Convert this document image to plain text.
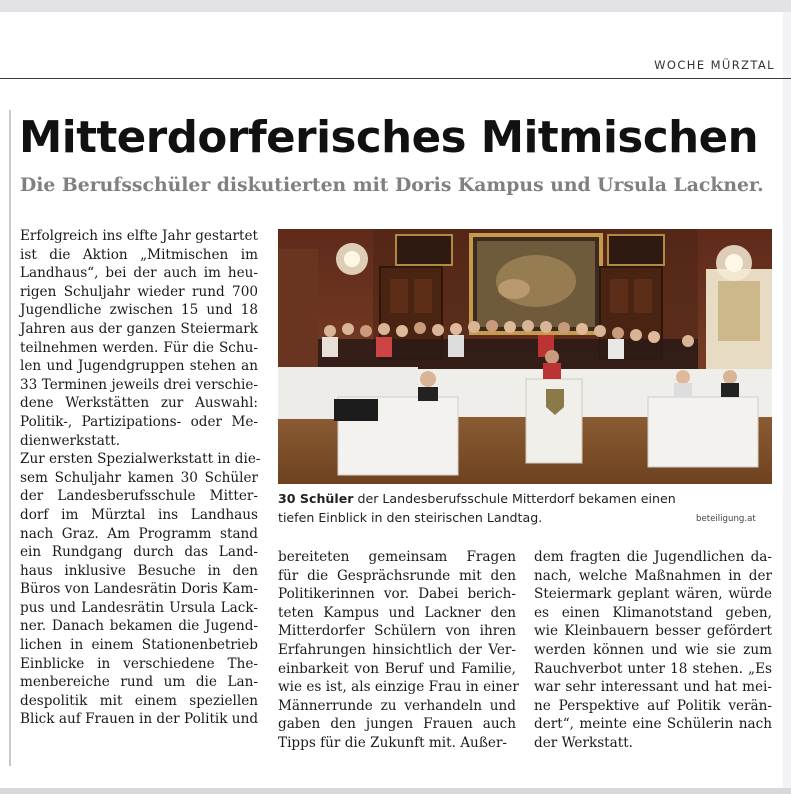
WOCHE MÜRZTAL
Mitterdorferisches Mitmischen
Die Berufsschüler diskutierten mit Doris Kampus und Ursula Lackner.
Erfolgreich ins elfte Jahr gestartet
ist die Aktion „Mitmischen im
Landhaus“, bei der auch im heu-
rigen Schuljahr wieder rund 700
Jugendliche zwischen 15 und 18
Jahren aus der ganzen Steiermark
teilnehmen werden. Für die Schu-
len und Jugendgruppen stehen an
33 Terminen jeweils drei verschie-
dene Werkstätten zur Auswahl:
Politik-, Partizipations- oder Me-
dienwerkstatt.
Zur ersten Spezialwerkstatt in die-
sem Schuljahr kamen 30 Schüler
der Landesberufsschule Mitter-
dorf im Mürztal ins Landhaus
nach Graz. Am Programm stand
ein Rundgang durch das Land-
haus inklusive Besuche in den
Büros von Landesrätin Doris Kam-
pus und Landesrätin Ursula Lack-
ner. Danach bekamen die Jugend-
lichen in einem Stationenbetrieb
Einblicke in verschiedene The-
menbereiche rund um die Lan-
despolitik mit einem speziellen
Blick auf Frauen in der Politik und
30 Schüler der Landesberufsschule Mitterdorf bekamen einen
tiefen Einblick in den steirischen Landtag.	beteiligung.at
bereiteten gemeinsam Fragen
für die Gesprächsrunde mit den
Politikerinnen vor. Dabei berich-
teten Kampus und Lackner den
Mitterdorfer Schülern von ihren
Erfahrungen hinsichtlich der Ver-
einbarkeit von Beruf und Familie,
wie es ist, als einzige Frau in einer
Männerrunde zu verhandeln und
gaben den jungen Frauen auch
Tipps für die Zukunft mit. Außer-
dem fragten die Jugendlichen da-
nach, welche Maßnahmen in der
Steiermark geplant wären, würde
es einen Klimanotstand geben,
wie Kleinbauern besser gefördert
werden können und wie sie zum
Rauchverbot unter 18 stehen. „Es
war sehr interessant und hat mei-
ne Perspektive auf Politik verän-
dert“, meinte eine Schülerin nach
der Werkstatt.
